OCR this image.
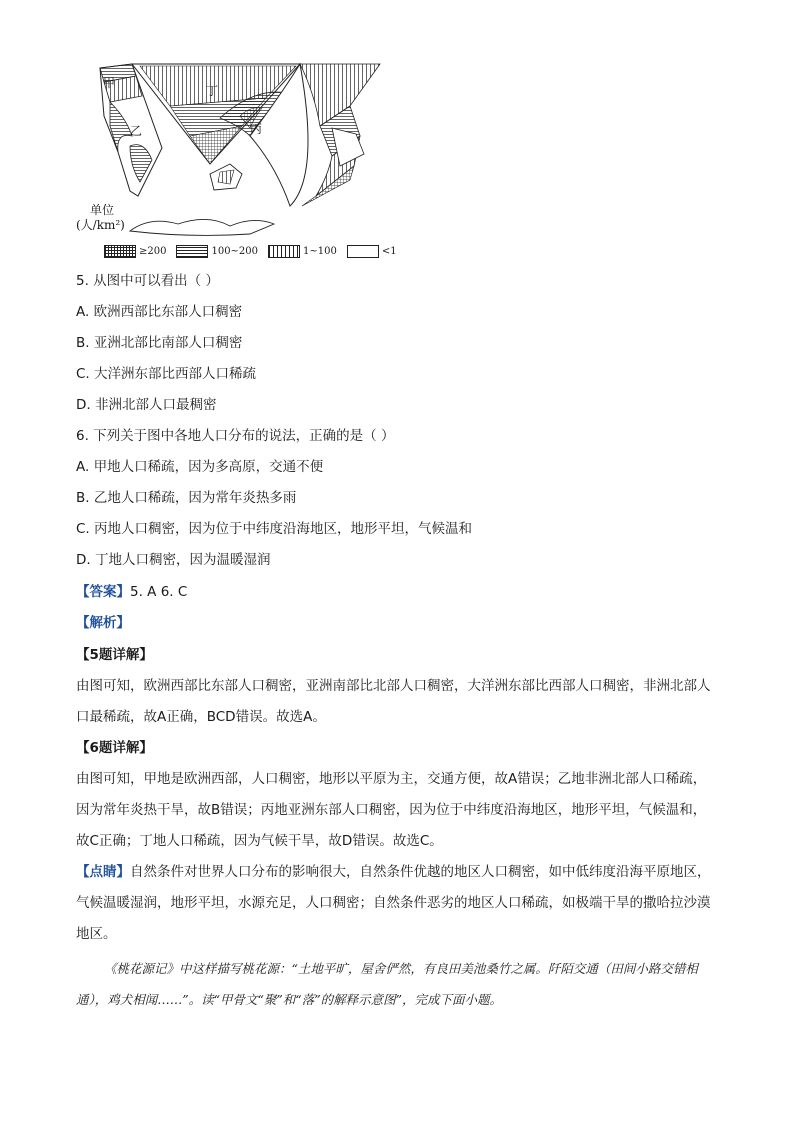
甲
乙
丁
丙
单位
(人/km²)
≥200	100~200	1~100	<1
5. 从图中可以看出（ ）
A. 欧洲西部比东部人口稠密
B. 亚洲北部比南部人口稠密
C. 大洋洲东部比西部人口稀疏
D. 非洲北部人口最稠密
6. 下列关于图中各地人口分布的说法，正确的是（ ）
A. 甲地人口稀疏，因为多高原，交通不便
B. 乙地人口稀疏，因为常年炎热多雨
C. 丙地人口稠密，因为位于中纬度沿海地区，地形平坦，气候温和
D. 丁地人口稠密，因为温暖湿润
【答案】5. A 6. C
【解析】
【5题详解】
由图可知，欧洲西部比东部人口稠密，亚洲南部比北部人口稠密，大洋洲东部比西部人口稠密，非洲北部人口最稀疏，故A正确，BCD错误。故选A。
【6题详解】
由图可知，甲地是欧洲西部，人口稠密，地形以平原为主，交通方便，故A错误；乙地非洲北部人口稀疏，因为常年炎热干旱，故B错误；丙地亚洲东部人口稠密，因为位于中纬度沿海地区，地形平坦，气候温和，故C正确；丁地人口稀疏，因为气候干旱，故D错误。故选C。
【点睛】自然条件对世界人口分布的影响很大，自然条件优越的地区人口稠密，如中低纬度沿海平原地区，气候温暖湿润，地形平坦，水源充足，人口稠密；自然条件恶劣的地区人口稀疏，如极端干旱的撒哈拉沙漠地区。
《桃花源记》中这样描写桃花源：“土地平旷，屋舍俨然，有良田美池桑竹之属。阡陌交通（田间小路交错相通），鸡犬相闻……”。读“甲骨文“聚”和“落”的解释示意图”，完成下面小题。
